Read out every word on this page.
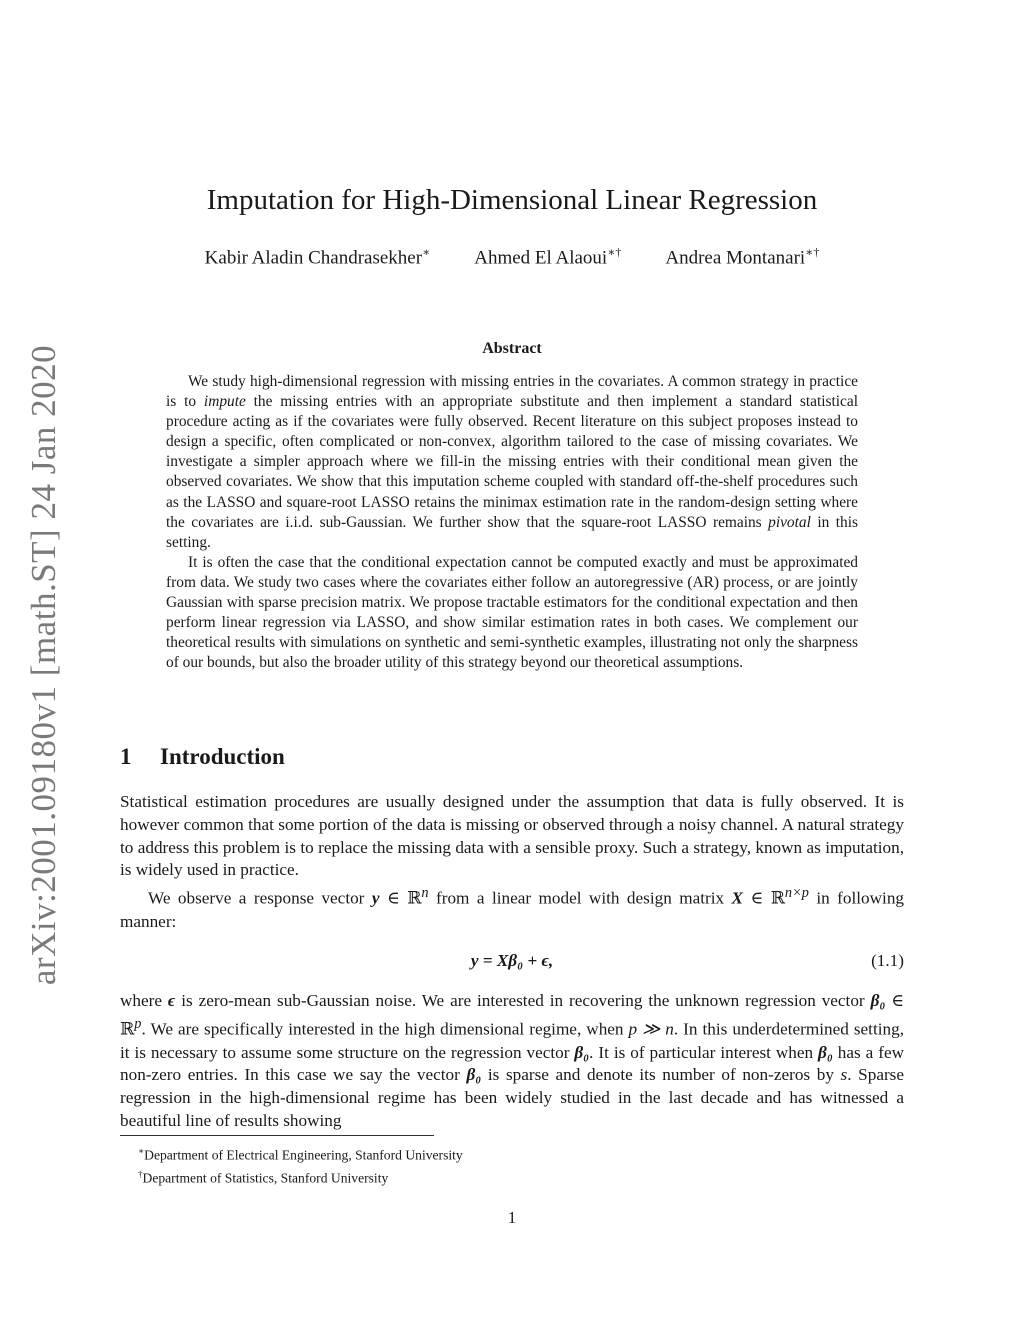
arXiv:2001.09180v1 [math.ST] 24 Jan 2020
Imputation for High-Dimensional Linear Regression
Kabir Aladin Chandrasekher∗ Ahmed El Alaoui∗† Andrea Montanari∗†
Abstract

We study high-dimensional regression with missing entries in the covariates. A common strategy in practice is to impute the missing entries with an appropriate substitute and then implement a standard statistical procedure acting as if the covariates were fully observed. Recent literature on this subject proposes instead to design a specific, often complicated or non-convex, algorithm tailored to the case of missing covariates. We investigate a simpler approach where we fill-in the missing entries with their conditional mean given the observed covariates. We show that this imputation scheme coupled with standard off-the-shelf procedures such as the LASSO and square-root LASSO retains the minimax estimation rate in the random-design setting where the covariates are i.i.d. sub-Gaussian. We further show that the square-root LASSO remains pivotal in this setting.

It is often the case that the conditional expectation cannot be computed exactly and must be approximated from data. We study two cases where the covariates either follow an autoregressive (AR) process, or are jointly Gaussian with sparse precision matrix. We propose tractable estimators for the conditional expectation and then perform linear regression via LASSO, and show similar estimation rates in both cases. We complement our theoretical results with simulations on synthetic and semi-synthetic examples, illustrating not only the sharpness of our bounds, but also the broader utility of this strategy beyond our theoretical assumptions.

1 Introduction

Statistical estimation procedures are usually designed under the assumption that data is fully observed. It is however common that some portion of the data is missing or observed through a noisy channel. A natural strategy to address this problem is to replace the missing data with a sensible proxy. Such a strategy, known as imputation, is widely used in practice.

We observe a response vector y ∈ ℝ$^n$ from a linear model with design matrix X ∈ ℝ$^{n\times p}$ in following manner:

y = Xβ₀ + ϵ,	(1.1)

where ϵ is zero-mean sub-Gaussian noise. We are interested in recovering the unknown regression vector β₀ ∈ ℝ$^p$. We are specifically interested in the high dimensional regime, when p ≫ n. In this underdetermined setting, it is necessary to assume some structure on the regression vector β₀. It is of particular interest when β₀ has a few non-zero entries. In this case we say the vector β₀ is sparse and denote its number of non-zeros by s. Sparse regression in the high-dimensional regime has been widely studied in the last decade and has witnessed a beautiful line of results showing

∗Department of Electrical Engineering, Stanford University
†Department of Statistics, Stanford University
1
